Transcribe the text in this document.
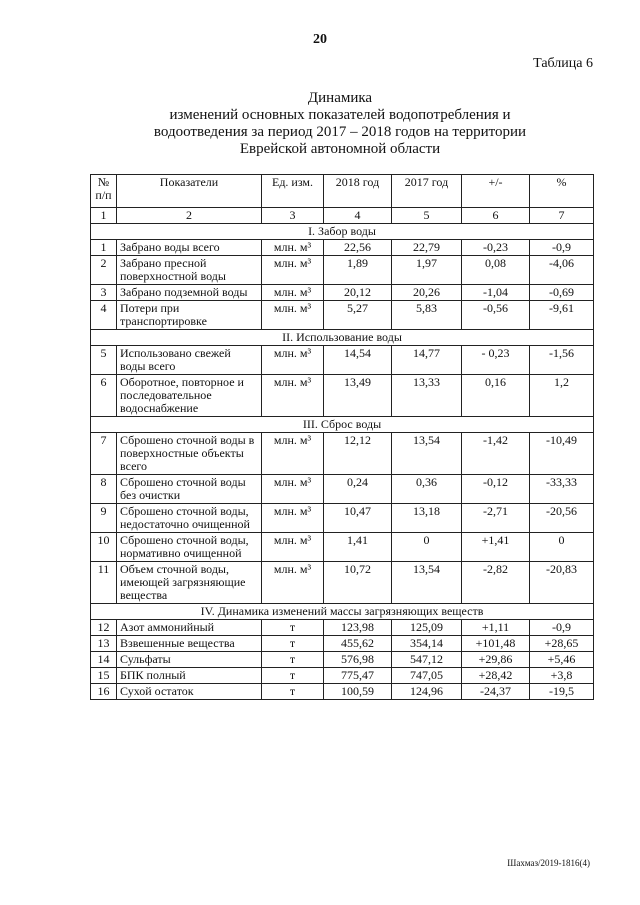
20
Таблица 6
Динамика
изменений основных показателей водопотребления и
водоотведения за период 2017 – 2018 годов на территории
Еврейской автономной области
№ п/п	Показатели	Ед. изм.	2018 год	2017 год	+/-	%
1	2	3	4	5	6	7
I. Забор воды						
1	Забрано воды всего	млн. м³	22,56	22,79	-0,23	-0,9
2	Забрано пресной поверхностной воды	млн. м³	1,89	1,97	0,08	-4,06
3	Забрано подземной воды	млн. м³	20,12	20,26	-1,04	-0,69
4	Потери при транспортировке	млн. м³	5,27	5,83	-0,56	-9,61
II. Использование воды						
5	Использовано свежей воды всего	млн. м³	14,54	14,77	- 0,23	-1,56
6	Оборотное, повторное и последовательное водоснабжение	млн. м³	13,49	13,33	0,16	1,2
III. Сброс воды						
7	Сброшено сточной воды в поверхностные объекты всего	млн. м³	12,12	13,54	-1,42	-10,49
8	Сброшено сточной воды без очистки	млн. м³	0,24	0,36	-0,12	-33,33
9	Сброшено сточной воды, недостаточно очищенной	млн. м³	10,47	13,18	-2,71	-20,56
10	Сброшено сточной воды, нормативно очищенной	млн. м³	1,41	0	+1,41	0
11	Объем сточной воды, имеющей загрязняющие вещества	млн. м³	10,72	13,54	-2,82	-20,83
IV. Динамика изменений массы загрязняющих веществ						
12	Азот аммонийный	т	123,98	125,09	+1,11	-0,9
13	Взвешенные вещества	т	455,62	354,14	+101,48	+28,65
14	Сульфаты	т	576,98	547,12	+29,86	+5,46
15	БПК полный	т	775,47	747,05	+28,42	+3,8
16	Сухой остаток	т	100,59	124,96	-24,37	-19,5
Шахмаз/2019-1816(4)
